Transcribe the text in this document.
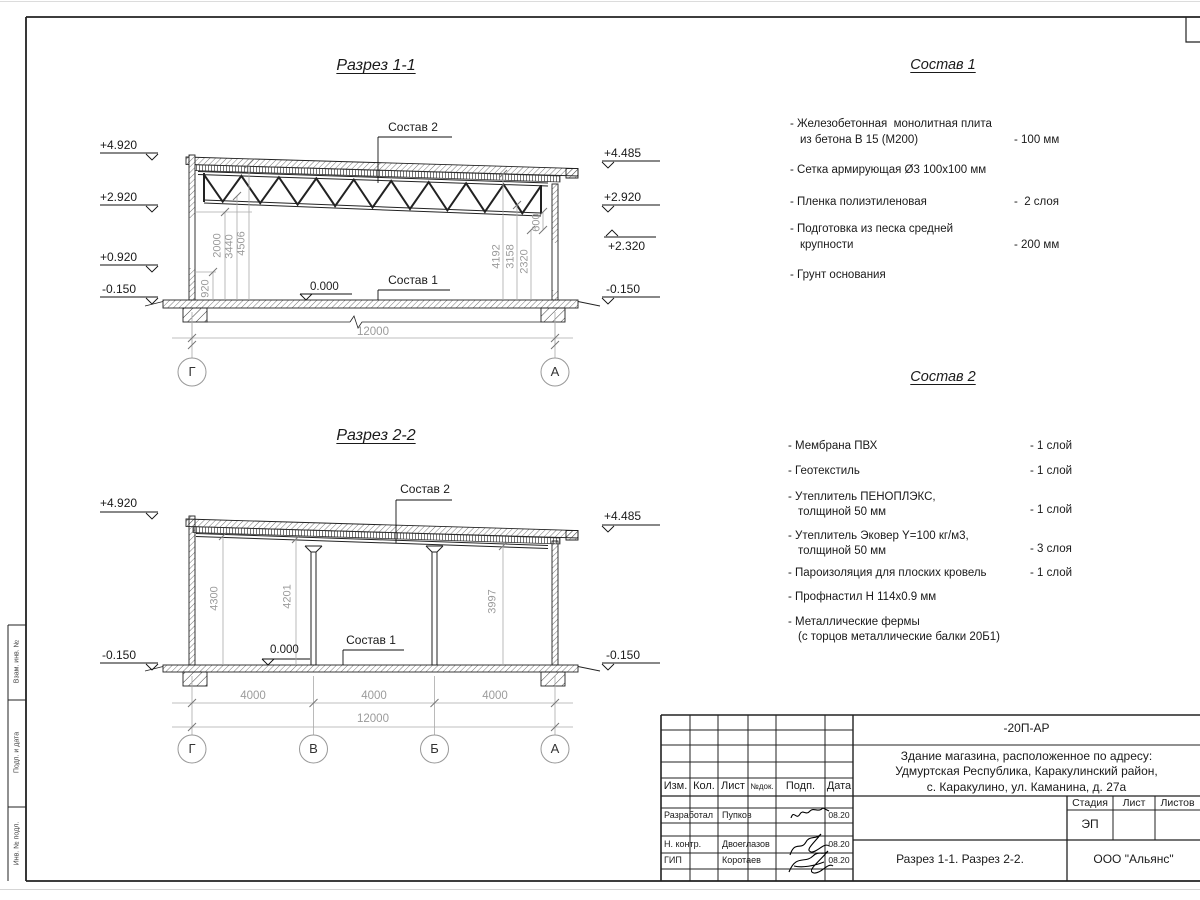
Разрез 1-1
Состав 2
Состав 1
0.000
+4.920
+2.920
+0.920
-0.150
+4.485
+2.920
+2.320
-0.150
920
2000 3440 4506
4192 3158 2320
600
12000
Г	А
Разрез 2-2
Состав 2
Состав 1
0.000
+4.920
-0.150
+4.485
-0.150
4300	4201	3997
4000	4000	4000
12000
Г	В	Б	А
Состав 1
- Железобетонная  монолитная плита
из бетона В 15 (М200)	- 100 мм
- Сетка армирующая Ø3 100x100 мм
- Пленка полиэтиленовая	-  2 слоя
- Подготовка из песка средней
крупности	- 200 мм
- Грунт основания
Состав 2
- Мембрана ПВХ	- 1 слой
- Геотекстиль	- 1 слой
- Утеплитель ПЕНОПЛЭКС,
толщиной 50 мм	- 1 слой
- Утеплитель Эковер Y=100 кг/м3,
толщиной 50 мм	- 3 слоя
- Пароизоляция для плоских кровель	- 1 слой
- Профнастил Н 114x0.9 мм
- Металлические фермы
(с торцов металлические балки 20Б1)
-20П-АР
Здание магазина, расположенное по адресу:
Удмуртская Республика, Каракулинский район,
с. Каракулино, ул. Каманина, д. 27а
Изм. Кол. Лист №док.	Подп.	Дата
Разработал Пупков	08.20
Н. контр. Двоеглазов	08.20
ГИП	Коротаев	08.20
Стадия	Лист	Листов
ЭП
Разрез 1-1. Разрез 2-2.	ООО "Альянс"
Взам. инв. №
Подп. и дата
Инв. № подл.
